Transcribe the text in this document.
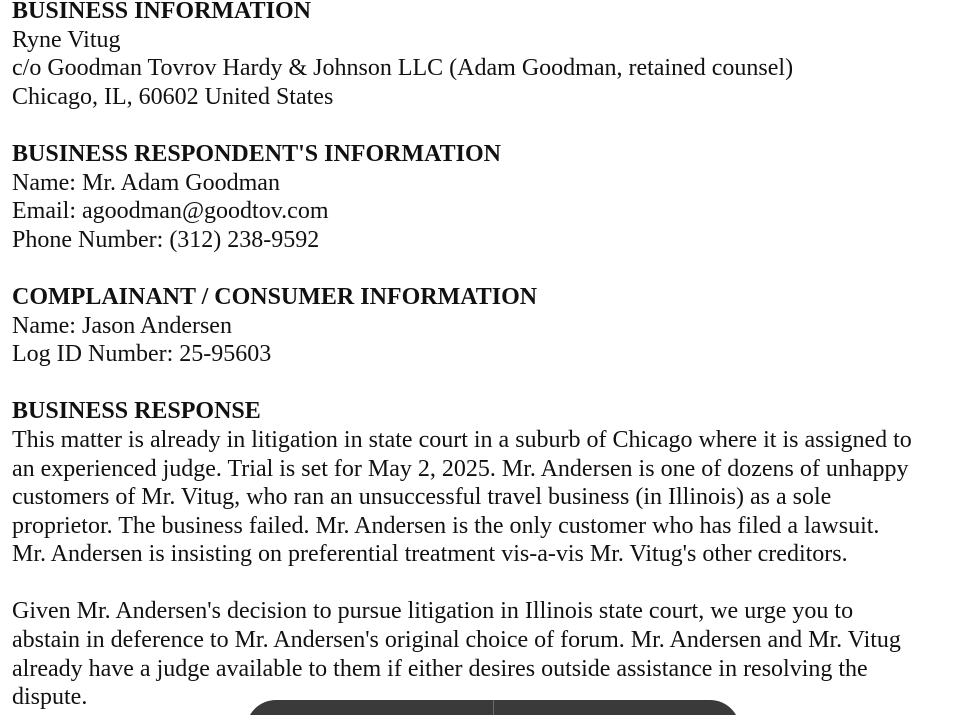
BUSINESS INFORMATION

Ryne Vitug

c/o Goodman Tovrov Hardy & Johnson LLC (Adam Goodman, retained counsel)

Chicago, IL, 60602 United States

BUSINESS RESPONDENT'S INFORMATION

Name: Mr. Adam Goodman

Email: agoodman@goodtov.com

Phone Number: (312) 238-9592

COMPLAINANT / CONSUMER INFORMATION

Name: Jason Andersen

Log ID Number: 25-95603

BUSINESS RESPONSE

This matter is already in litigation in state court in a suburb of Chicago where it is assigned to

an experienced judge. Trial is set for May 2, 2025. Mr. Andersen is one of dozens of unhappy

customers of Mr. Vitug, who ran an unsuccessful travel business (in Illinois) as a sole

proprietor. The business failed. Mr. Andersen is the only customer who has filed a lawsuit.

Mr. Andersen is insisting on preferential treatment vis-a-vis Mr. Vitug's other creditors.

Given Mr. Andersen's decision to pursue litigation in Illinois state court, we urge you to

abstain in deference to Mr. Andersen's original choice of forum. Mr. Andersen and Mr. Vitug

already have a judge available to them if either desires outside assistance in resolving the

dispute.
